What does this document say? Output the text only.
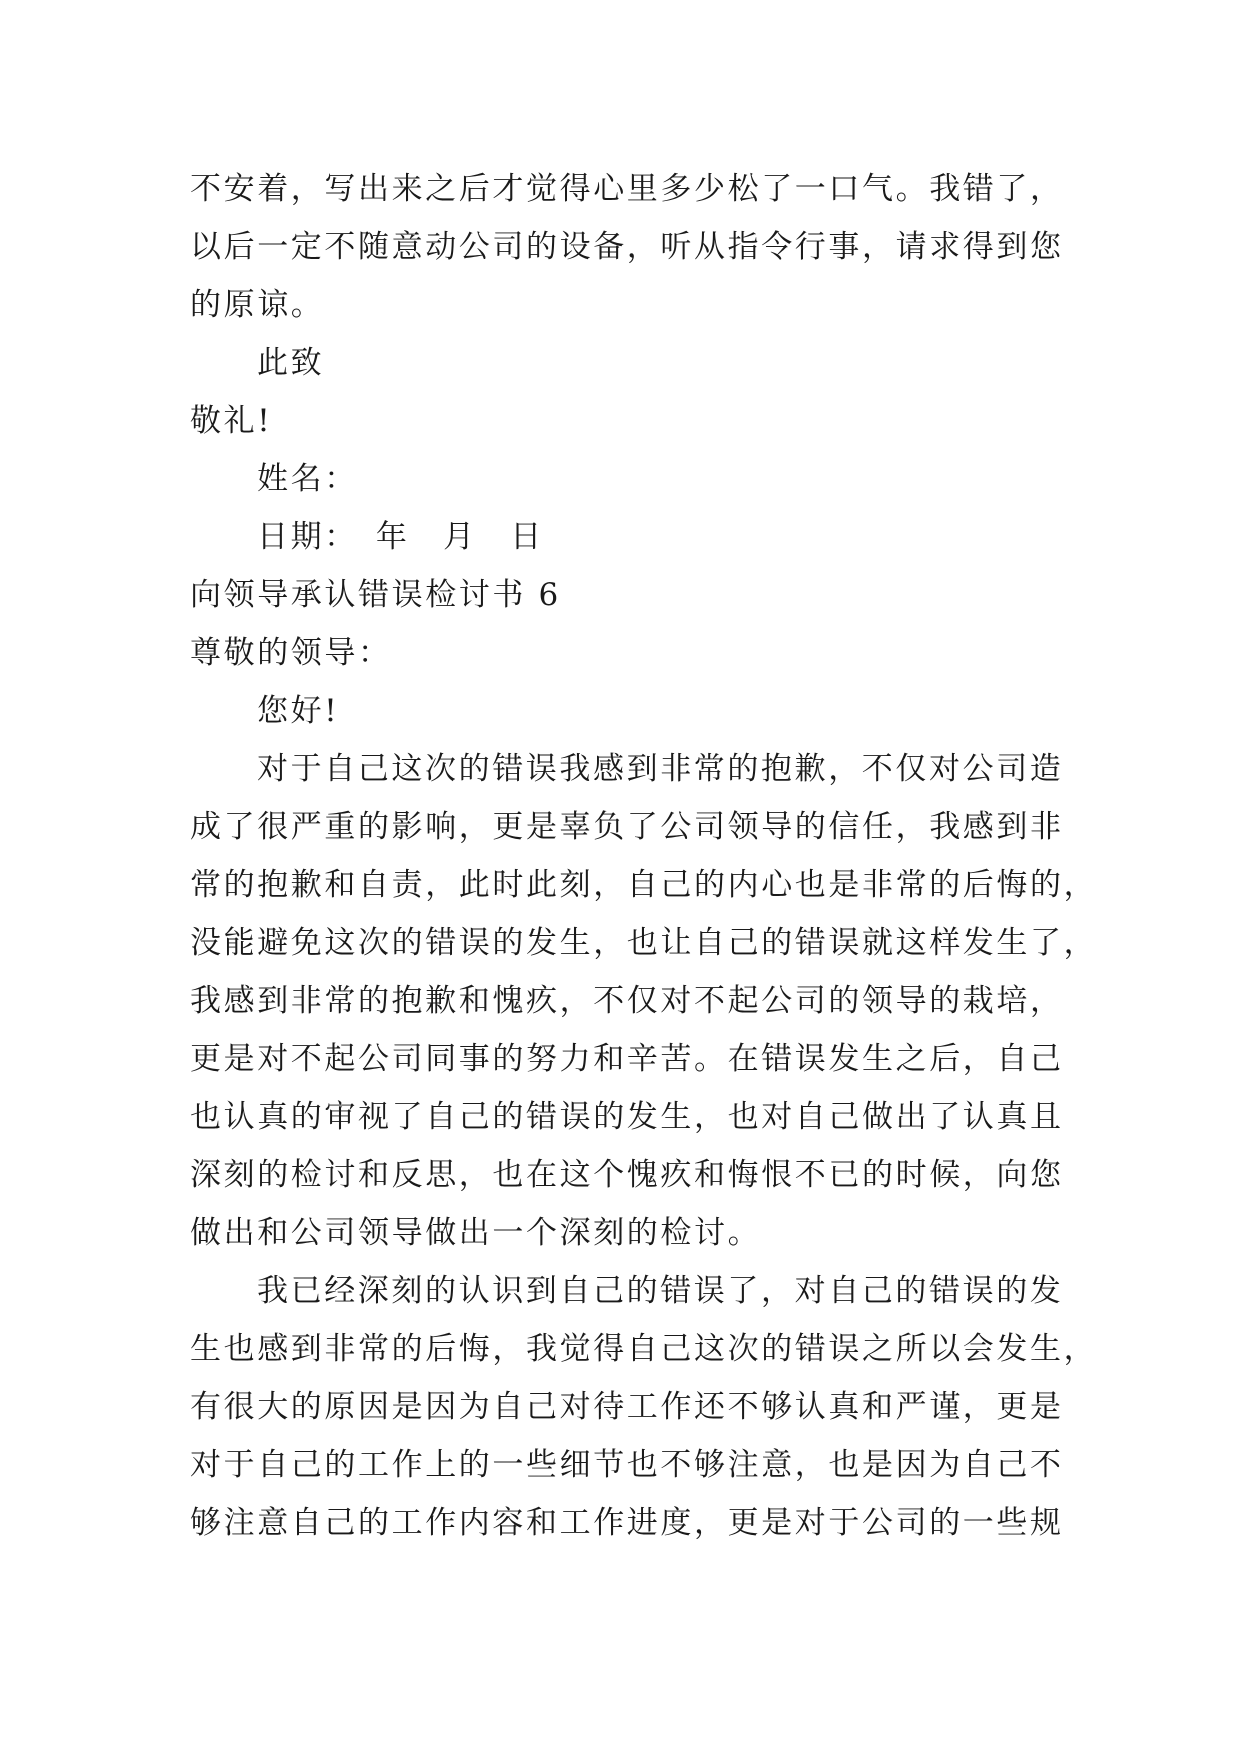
不安着，写出来之后才觉得心里多少松了一口气。我错了，
以后一定不随意动公司的设备，听从指令行事，请求得到您
的原谅。
此致
敬礼!
姓名：
日期：　年　月　日
向领导承认错误检讨书 6
尊敬的领导：
您好!
对于自己这次的错误我感到非常的抱歉，不仅对公司造
成了很严重的影响，更是辜负了公司领导的信任，我感到非
常的抱歉和自责，此时此刻，自己的内心也是非常的后悔的，
没能避免这次的错误的发生，也让自己的错误就这样发生了，
我感到非常的抱歉和愧疚，不仅对不起公司的领导的栽培，
更是对不起公司同事的努力和辛苦。在错误发生之后，自己
也认真的审视了自己的错误的发生，也对自己做出了认真且
深刻的检讨和反思，也在这个愧疚和悔恨不已的时候，向您
做出和公司领导做出一个深刻的检讨。
我已经深刻的认识到自己的错误了，对自己的错误的发
生也感到非常的后悔，我觉得自己这次的错误之所以会发生，
有很大的原因是因为自己对待工作还不够认真和严谨，更是
对于自己的工作上的一些细节也不够注意，也是因为自己不
够注意自己的工作内容和工作进度，更是对于公司的一些规
